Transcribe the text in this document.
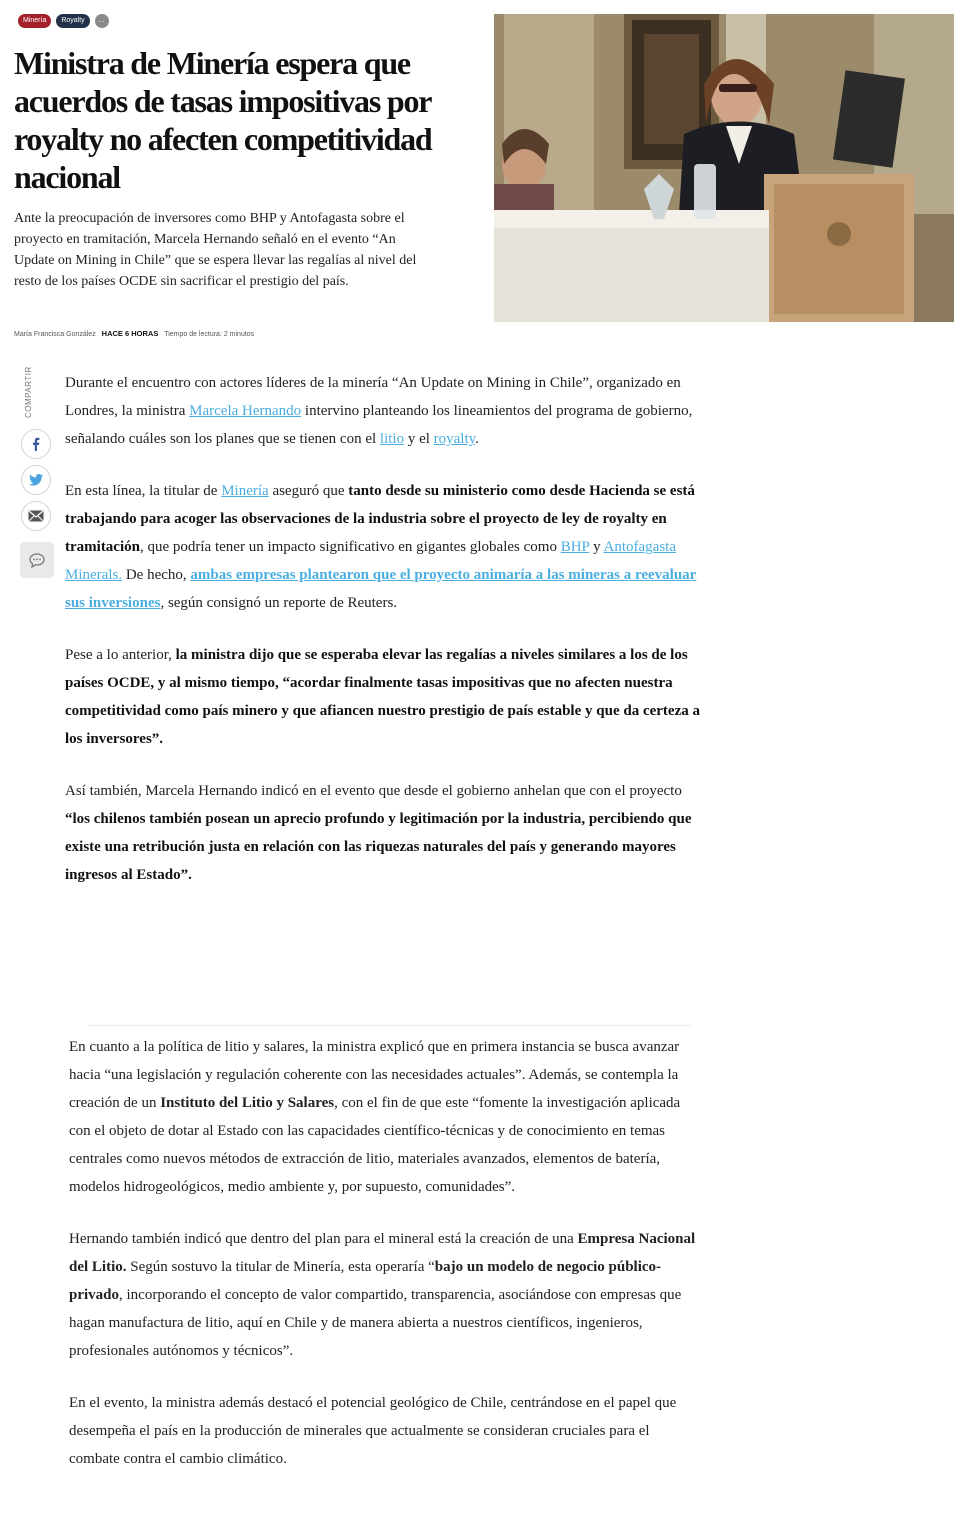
Minería	Royalty	...
Ministra de Minería espera que acuerdos de tasas impositivas por royalty no afecten competitividad nacional
Ante la preocupación de inversores como BHP y Antofagasta sobre el proyecto en tramitación, Marcela Hernando señaló en el evento “An Update on Mining in Chile” que se espera llevar las regalías al nivel del resto de los países OCDE sin sacrificar el prestigio del país.
María Francisca González HACE 6 HORAS Tiempo de lectura: 2 minutos
COMPARTIR Durante el encuentro con actores líderes de la minería “An Update on Mining in Chile”, organizado en Londres, la ministra Marcela Hernando intervino planteando los lineamientos del programa de gobierno, señalando cuáles son los planes que se tienen con el litio y el royalty.

En esta línea, la titular de Minería aseguró que tanto desde su ministerio como desde Hacienda se está trabajando para acoger las observaciones de la industria sobre el proyecto de ley de royalty en tramitación, que podría tener un impacto significativo en gigantes globales como BHP y Antofagasta Minerals. De hecho, ambas empresas plantearon que el proyecto animaría a las mineras a reevaluar sus inversiones, según consignó un reporte de Reuters.

Pese a lo anterior, la ministra dijo que se esperaba elevar las regalías a niveles similares a los de los países OCDE, y al mismo tiempo, “acordar finalmente tasas impositivas que no afecten nuestra competitividad como país minero y que afiancen nuestro prestigio de país estable y que da certeza a los inversores”.

Así también, Marcela Hernando indicó en el evento que desde el gobierno anhelan que con el proyecto “los chilenos también posean un aprecio profundo y legitimación por la industria, percibiendo que existe una retribución justa en relación con las riquezas naturales del país y generando mayores ingresos al Estado”.

En cuanto a la política de litio y salares, la ministra explicó que en primera instancia se busca avanzar hacia “una legislación y regulación coherente con las necesidades actuales”. Además, se contempla la creación de un Instituto del Litio y Salares, con el fin de que este “fomente la investigación aplicada con el objeto de dotar al Estado con las capacidades científico-técnicas y de conocimiento en temas centrales como nuevos métodos de extracción de litio, materiales avanzados, elementos de batería, modelos hidrogeológicos, medio ambiente y, por supuesto, comunidades”.

Hernando también indicó que dentro del plan para el mineral está la creación de una Empresa Nacional del Litio. Según sostuvo la titular de Minería, esta operaría “bajo un modelo de negocio público-privado, incorporando el concepto de valor compartido, transparencia, asociándose con empresas que hagan manufactura de litio, aquí en Chile y de manera abierta a nuestros científicos, ingenieros, profesionales autónomos y técnicos”.

En el evento, la ministra además destacó el potencial geológico de Chile, centrándose en el papel que desempeña el país en la producción de minerales que actualmente se consideran cruciales para el combate contra el cambio climático.
